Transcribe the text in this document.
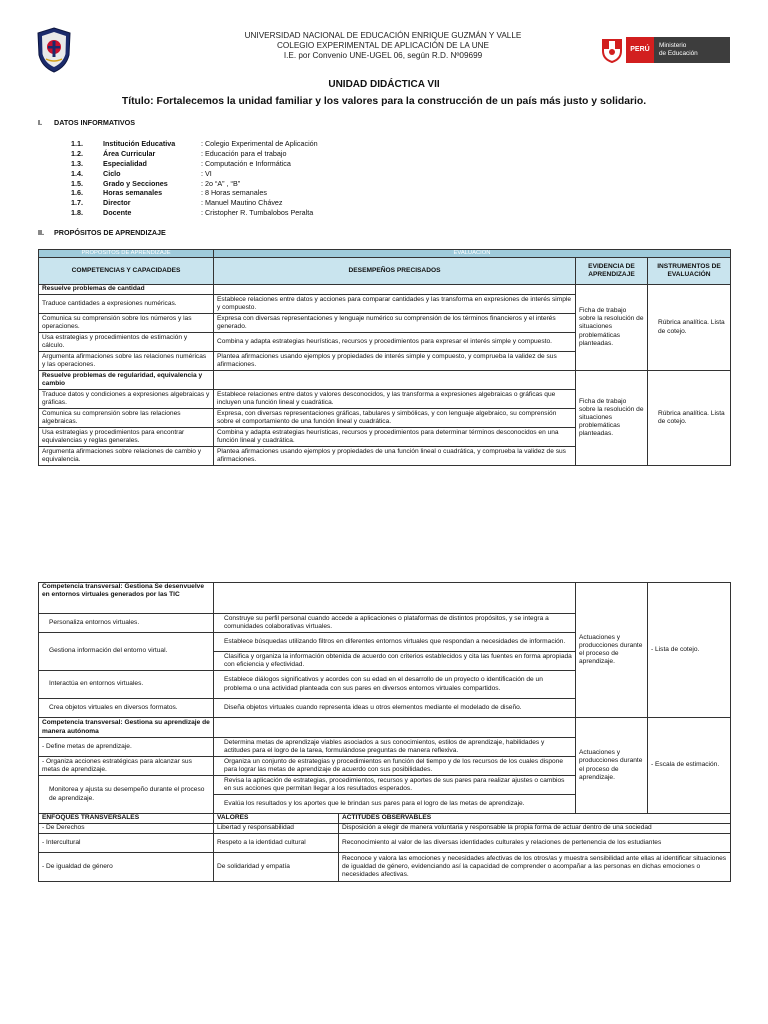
UNIVERSIDAD NACIONAL DE EDUCACIÓN ENRIQUE GUZMÁN Y VALLE
COLEGIO EXPERIMENTAL DE APLICACIÓN DE LA UNE
I.E. por Convenio UNE-UGEL 06, según R.D. Nº09699
PERÚ
Ministerio
de Educación
UNIDAD DIDÁCTICA VII
Título: Fortalecemos la unidad familiar y los valores para la construcción de un país más justo y solidario.
I. DATOS INFORMATIVOS
1.1.	Institución Educativa	: Colegio Experimental de Aplicación
1.2.	Área Curricular	: Educación para el trabajo
1.3.	Especialidad	: Computación e Informática
1.4.	Ciclo	: VI
1.5.	Grado y Secciones	: 2o “A” , “B”
1.6.	Horas semanales	: 8 Horas semanales
1.7.	Director	: Manuel Mautino Chávez
1.8.	Docente	: Cristopher R. Tumbalobos Peralta
II. PROPÓSITOS DE APRENDIZAJE
PROPÓSITOS DE APRENDIZAJE	EVALUACIÓN		
COMPETENCIAS Y CAPACIDADES	DESEMPEÑOS PRECISADOS	EVIDENCIA DE APRENDIZAJE	INSTRUMENTOS DE EVALUACIÓN
Resuelve problemas de cantidad		Ficha de trabajo sobre la resolución de situaciones problemáticas planteadas.	Rúbrica analítica. Lista de cotejo.
Traduce cantidades a expresiones numéricas.	Establece relaciones entre datos y acciones para comparar cantidades y las transforma en expresiones de interés simple y compuesto.		
Comunica su comprensión sobre los números y las operaciones.	Expresa con diversas representaciones y lenguaje numérico su comprensión de los términos financieros y el interés generado.		
Usa estrategias y procedimientos de estimación y cálculo.	Combina y adapta estrategias heurísticas, recursos y procedimientos para expresar el interés simple y compuesto.		
Argumenta afirmaciones sobre las relaciones numéricas y las operaciones.	Plantea afirmaciones usando ejemplos y propiedades de interés simple y compuesto, y comprueba la validez de sus afirmaciones.		
Resuelve problemas de regularidad, equivalencia y cambio		Ficha de trabajo sobre la resolución de situaciones problemáticas planteadas.	Rúbrica analítica. Lista de cotejo.
Traduce datos y condiciones a expresiones algebraicas y gráficas.	Establece relaciones entre datos y valores desconocidos, y las transforma a expresiones algebraicas o gráficas que incluyen una función lineal y cuadrática.		
Comunica su comprensión sobre las relaciones algebraicas.	Expresa, con diversas representaciones gráficas, tabulares y simbólicas, y con lenguaje algebraico, su comprensión sobre el comportamiento de una función lineal y cuadrática.		
Usa estrategias y procedimientos para encontrar equivalencias y reglas generales.	Combina y adapta estrategias heurísticas, recursos y procedimientos para determinar términos desconocidos en una función lineal y cuadrática.		
Argumenta afirmaciones sobre relaciones de cambio y equivalencia.	Plantea afirmaciones usando ejemplos y propiedades de una función lineal o cuadrática, y comprueba la validez de sus afirmaciones.		
Competencia transversal: Gestiona Se desenvuelve en entornos virtuales generados por las TIC			Actuaciones y producciones durante el proceso de aprendizaje.	- Lista de cotejo.
Personaliza entornos virtuales.	Construye su perfil personal cuando accede a aplicaciones o plataformas de distintos propósitos, y se integra a comunidades colaborativas virtuales.			
Gestiona información del entorno virtual.	Establece búsquedas utilizando filtros en diferentes entornos virtuales que respondan a necesidades de información.			
	Clasifica y organiza la información obtenida de acuerdo con criterios establecidos y cita las fuentes en forma apropiada con eficiencia y efectividad.			
Interactúa en entornos virtuales.	Establece diálogos significativos y acordes con su edad en el desarrollo de un proyecto o identificación de un problema o una actividad planteada con sus pares en diversos entornos virtuales compartidos.			
Crea objetos virtuales en diversos formatos.	Diseña objetos virtuales cuando representa ideas u otros elementos mediante el modelado de diseño.			
Competencia transversal: Gestiona su aprendizaje de manera autónoma			Actuaciones y producciones durante el proceso de aprendizaje.	- Escala de estimación.
- Define metas de aprendizaje.	Determina metas de aprendizaje viables asociados a sus conocimientos, estilos de aprendizaje, habilidades y actitudes para el logro de la tarea, formulándose preguntas de manera reflexiva.			
- Organiza acciones estratégicas para alcanzar sus metas de aprendizaje.	Organiza un conjunto de estrategias y procedimientos en función del tiempo y de los recursos de los cuales dispone para lograr las metas de aprendizaje de acuerdo con sus posibilidades.			
Monitorea y ajusta su desempeño durante el proceso de aprendizaje.	Revisa la aplicación de estrategias, procedimientos, recursos y aportes de sus pares para realizar ajustes o cambios en sus acciones que permitan llegar a los resultados esperados.			
	Evalúa los resultados y los aportes que le brindan sus pares para el logro de las metas de aprendizaje.			
ENFOQUES TRANSVERSALES	VALORES	ACTITUDES OBSERVABLES		
- De Derechos	Libertad y responsabilidad	Disposición a elegir de manera voluntaria y responsable la propia forma de actuar dentro de una sociedad		
- Intercultural	Respeto a la identidad cultural	Reconocimiento al valor de las diversas identidades culturales y relaciones de pertenencia de los estudiantes		
- De igualdad de género	De solidaridad y empatía	Reconoce y valora las emociones y necesidades afectivas de los otros/as y muestra sensibilidad ante ellas al identificar situaciones de igualdad de género, evidenciando así la capacidad de comprender o acompañar a las personas en dichas emociones o necesidades afectivas.		
